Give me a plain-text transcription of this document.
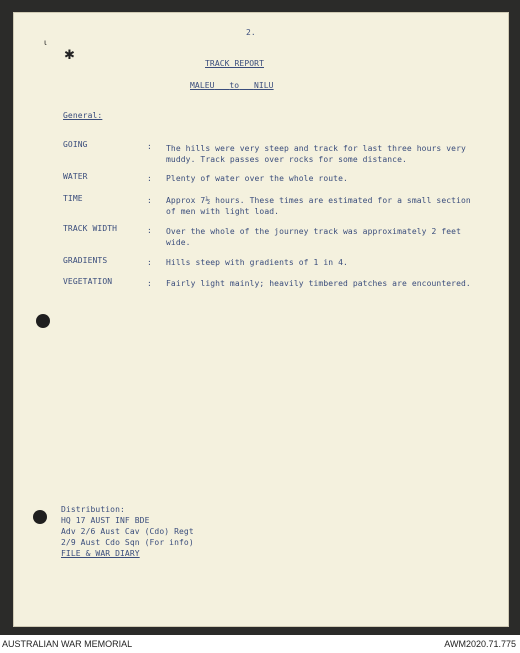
ι
✱
2.
TRACK REPORT
MALEU to NILU
General:
GOING	: The hills were very steep and track for last three hours very
muddy. Track passes over rocks for some distance.
WATER	: Plenty of water over the whole route.
TIME	: Approx 7½ hours. These times are estimated for a small section
of men with light load.
TRACK WIDTH	: Over the whole of the journey track was approximately 2 feet
wide.
GRADIENTS	: Hills steep with gradients of 1 in 4.
VEGETATION	: Fairly light mainly; heavily timbered patches are encountered.
Distribution:
HQ 17 AUST INF BDE
Adv 2/6 Aust Cav (Cdo) Regt
2/9 Aust Cdo Sqn (For info)
FILE & WAR DIARY
AUSTRALIAN WAR MEMORIAL	AWM2020.71.775
